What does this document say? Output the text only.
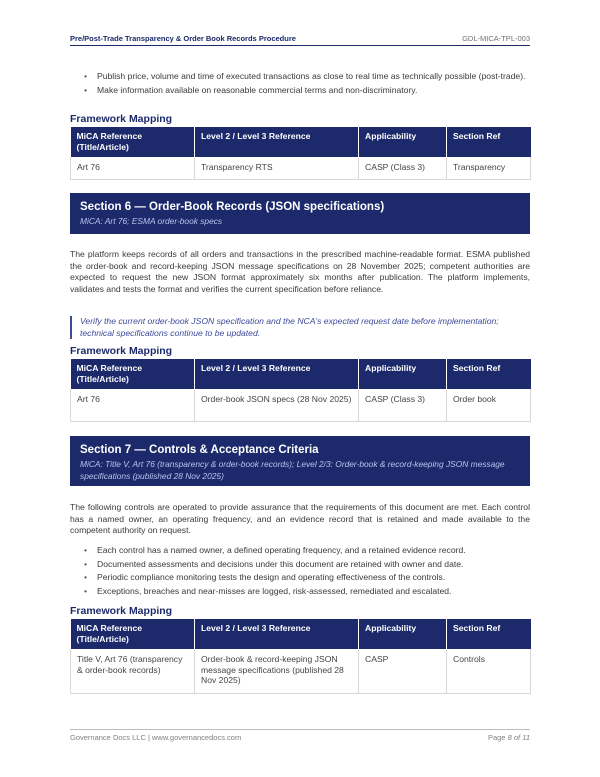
Pre/Post-Trade Transparency & Order Book Records Procedure	GDL-MICA-TPL-003
• Publish price, volume and time of executed transactions as close to real time as technically possible (post-trade).
• Make information available on reasonable commercial terms and non-discriminatory.
Framework Mapping
MiCA Reference (Title/Article)	Level 2 / Level 3 Reference	Applicability	Section Ref
Art 76	Transparency RTS	CASP (Class 3)	Transparency
Section 6 — Order-Book Records (JSON specifications)
MiCA: Art 76; ESMA order-book specs

The platform keeps records of all orders and transactions in the prescribed machine-readable format. ESMA published the order-book and record-keeping JSON message specifications on 28 November 2025; competent authorities are expected to request the new JSON format approximately six months after publication. The platform implements, validates and tests the format and verifies the current specification before reliance.

Verify the current order-book JSON specification and the NCA's expected request date before implementation; technical specifications continue to be updated.
Framework Mapping
MiCA Reference (Title/Article)	Level 2 / Level 3 Reference	Applicability	Section Ref
Art 76	Order-book JSON specs (28 Nov 2025)	CASP (Class 3)	Order book
Section 7 — Controls & Acceptance Criteria
MiCA: Title V, Art 76 (transparency & order-book records); Level 2/3: Order-book & record-keeping JSON message specifications (published 28 Nov 2025)

The following controls are operated to provide assurance that the requirements of this document are met. Each control has a named owner, an operating frequency, and an evidence record that is retained and made available to the competent authority on request.

• Each control has a named owner, a defined operating frequency, and a retained evidence record.
• Documented assessments and decisions under this document are retained with owner and date.
• Periodic compliance monitoring tests the design and operating effectiveness of the controls.
• Exceptions, breaches and near-misses are logged, risk-assessed, remediated and escalated.
Framework Mapping
MiCA Reference (Title/Article)	Level 2 / Level 3 Reference	Applicability	Section Ref
Title V, Art 76 (transparency & order-book records)	Order-book & record-keeping JSON message specifications (published 28 Nov 2025)	CASP	Controls
Governance Docs LLC | www.governancedocs.com	Page 8 of 11
